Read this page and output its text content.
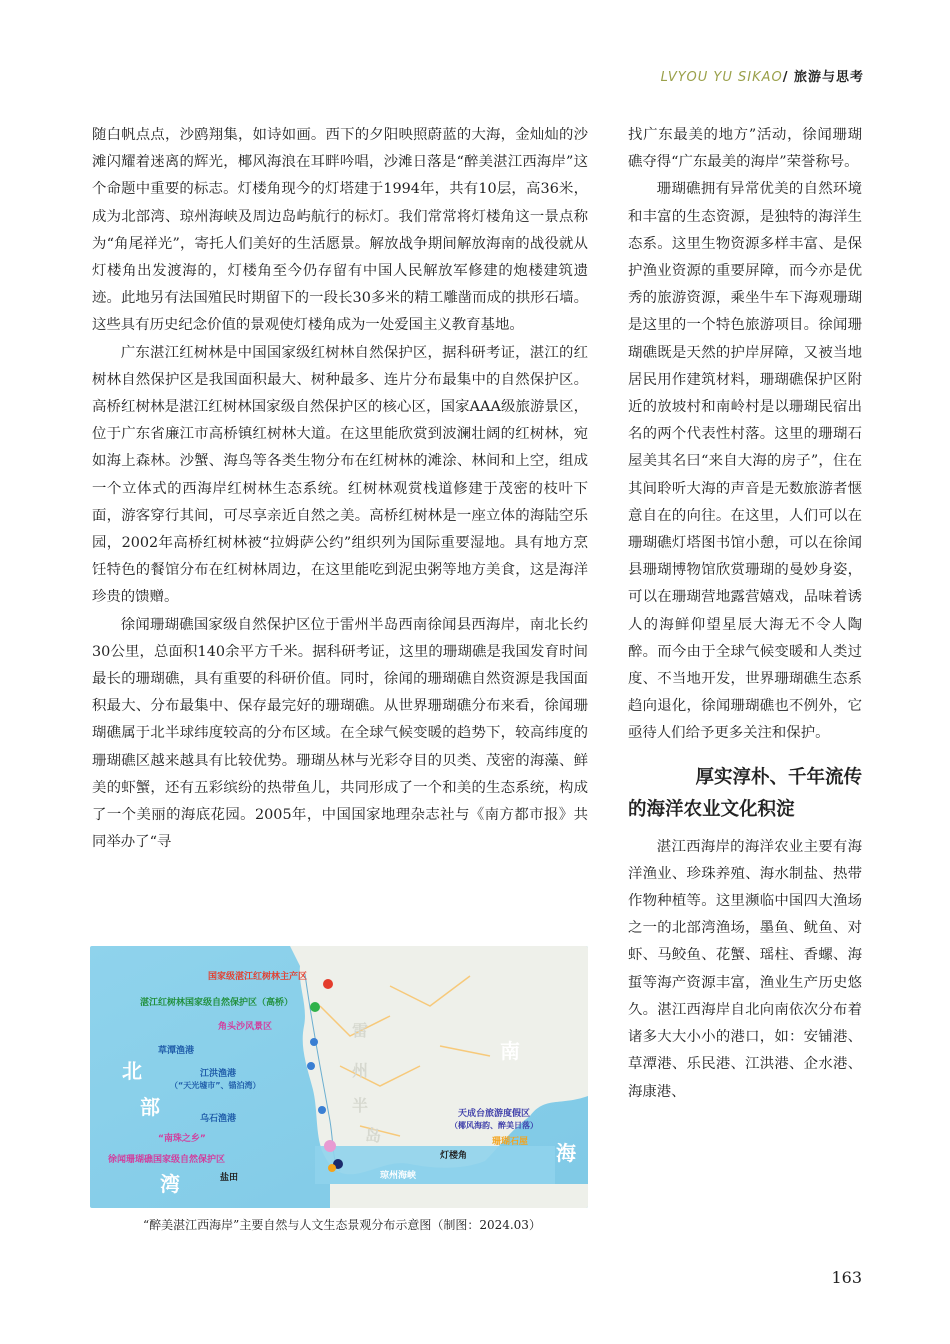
LVYOU YU SIKAO/ 旅游与思考

随白帆点点，沙鸥翔集，如诗如画。西下的夕阳映照蔚蓝的大海，金灿灿的沙滩闪耀着迷离的辉光，椰风海浪在耳畔吟唱，沙滩日落是“醉美湛江西海岸”这个命题中重要的标志。灯楼角现今的灯塔建于1994年，共有10层，高36米，成为北部湾、琼州海峡及周边岛屿航行的标灯。我们常常将灯楼角这一景点称为“角尾祥光”，寄托人们美好的生活愿景。解放战争期间解放海南的战役就从灯楼角出发渡海的，灯楼角至今仍存留有中国人民解放军修建的炮楼建筑遗迹。此地另有法国殖民时期留下的一段长30多米的精工雕凿而成的拱形石墙。这些具有历史纪念价值的景观使灯楼角成为一处爱国主义教育基地。

广东湛江红树林是中国国家级红树林自然保护区，据科研考证，湛江的红树林自然保护区是我国面积最大、树种最多、连片分布最集中的自然保护区。高桥红树林是湛江红树林国家级自然保护区的核心区，国家AAA级旅游景区，位于广东省廉江市高桥镇红树林大道。在这里能欣赏到波澜壮阔的红树林，宛如海上森林。沙蟹、海鸟等各类生物分布在红树林的滩涂、林间和上空，组成一个立体式的西海岸红树林生态系统。红树林观赏栈道修建于茂密的枝叶下面，游客穿行其间，可尽享亲近自然之美。高桥红树林是一座立体的海陆空乐园，2002年高桥红树林被“拉姆萨公约”组织列为国际重要湿地。具有地方烹饪特色的餐馆分布在红树林周边，在这里能吃到泥虫粥等地方美食，这是海洋珍贵的馈赠。

徐闻珊瑚礁国家级自然保护区位于雷州半岛西南徐闻县西海岸，南北长约30公里，总面积140余平方千米。据科研考证，这里的珊瑚礁是我国发育时间最长的珊瑚礁，具有重要的科研价值。同时，徐闻的珊瑚礁自然资源是我国面积最大、分布最集中、保存最完好的珊瑚礁。从世界珊瑚礁分布来看，徐闻珊瑚礁属于北半球纬度较高的分布区域。在全球气候变暖的趋势下，较高纬度的珊瑚礁区越来越具有比较优势。珊瑚丛林与光彩夺目的贝类、茂密的海藻、鲜美的虾蟹，还有五彩缤纷的热带鱼儿，共同形成了一个和美的生态系统，构成了一个美丽的海底花园。2005年，中国国家地理杂志社与《南方都市报》共同举办了“寻

找广东最美的地方”活动，徐闻珊瑚礁夺得“广东最美的海岸”荣誉称号。

珊瑚礁拥有异常优美的自然环境和丰富的生态资源，是独特的海洋生态系。这里生物资源多样丰富、是保护渔业资源的重要屏障，而今亦是优秀的旅游资源，乘坐牛车下海观珊瑚是这里的一个特色旅游项目。徐闻珊瑚礁既是天然的护岸屏障，又被当地居民用作建筑材料，珊瑚礁保护区附近的放坡村和南岭村是以珊瑚民宿出名的两个代表性村落。这里的珊瑚石屋美其名曰“来自大海的房子”，住在其间聆听大海的声音是无数旅游者惬意自在的向往。在这里，人们可以在珊瑚礁灯塔图书馆小憩，可以在徐闻县珊瑚博物馆欣赏珊瑚的曼妙身姿，可以在珊瑚营地露营嬉戏，品味着诱人的海鲜仰望星辰大海无不令人陶醉。而今由于全球气候变暖和人类过度、不当地开发，世界珊瑚礁生态系趋向退化，徐闻珊瑚礁也不例外，它亟待人们给予更多关注和保护。

厚实淳朴、千年流传
的海洋农业文化积淀

湛江西海岸的海洋农业主要有海洋渔业、珍珠养殖、海水制盐、热带作物种植等。这里濒临中国四大渔场之一的北部湾渔场，墨鱼、鱿鱼、对虾、马鲛鱼、花蟹、瑶柱、香螺、海蜇等海产资源丰富，渔业生产历史悠久。湛江西海岸自北向南依次分布着诸多大大小小的港口，如：安铺港、草潭港、乐民港、江洪港、企水港、海康港、

北
部
湾
南
海
雷
州
半
岛
琼州海峡
国家级湛江红树林主产区
湛江红树林国家级自然保护区（高桥）
角头沙风景区
草潭渔港
江洪渔港
（“天光墟市”、锚泊湾）
乌石渔港	天成台旅游度假区
（椰风海韵、醉美日落）
“南珠之乡”
徐闻珊瑚礁国家级自然保护区
盐田
珊瑚石屋
灯楼角
“醉美湛江西海岸”主要自然与人文生态景观分布示意图（制图：2024.03）
163
